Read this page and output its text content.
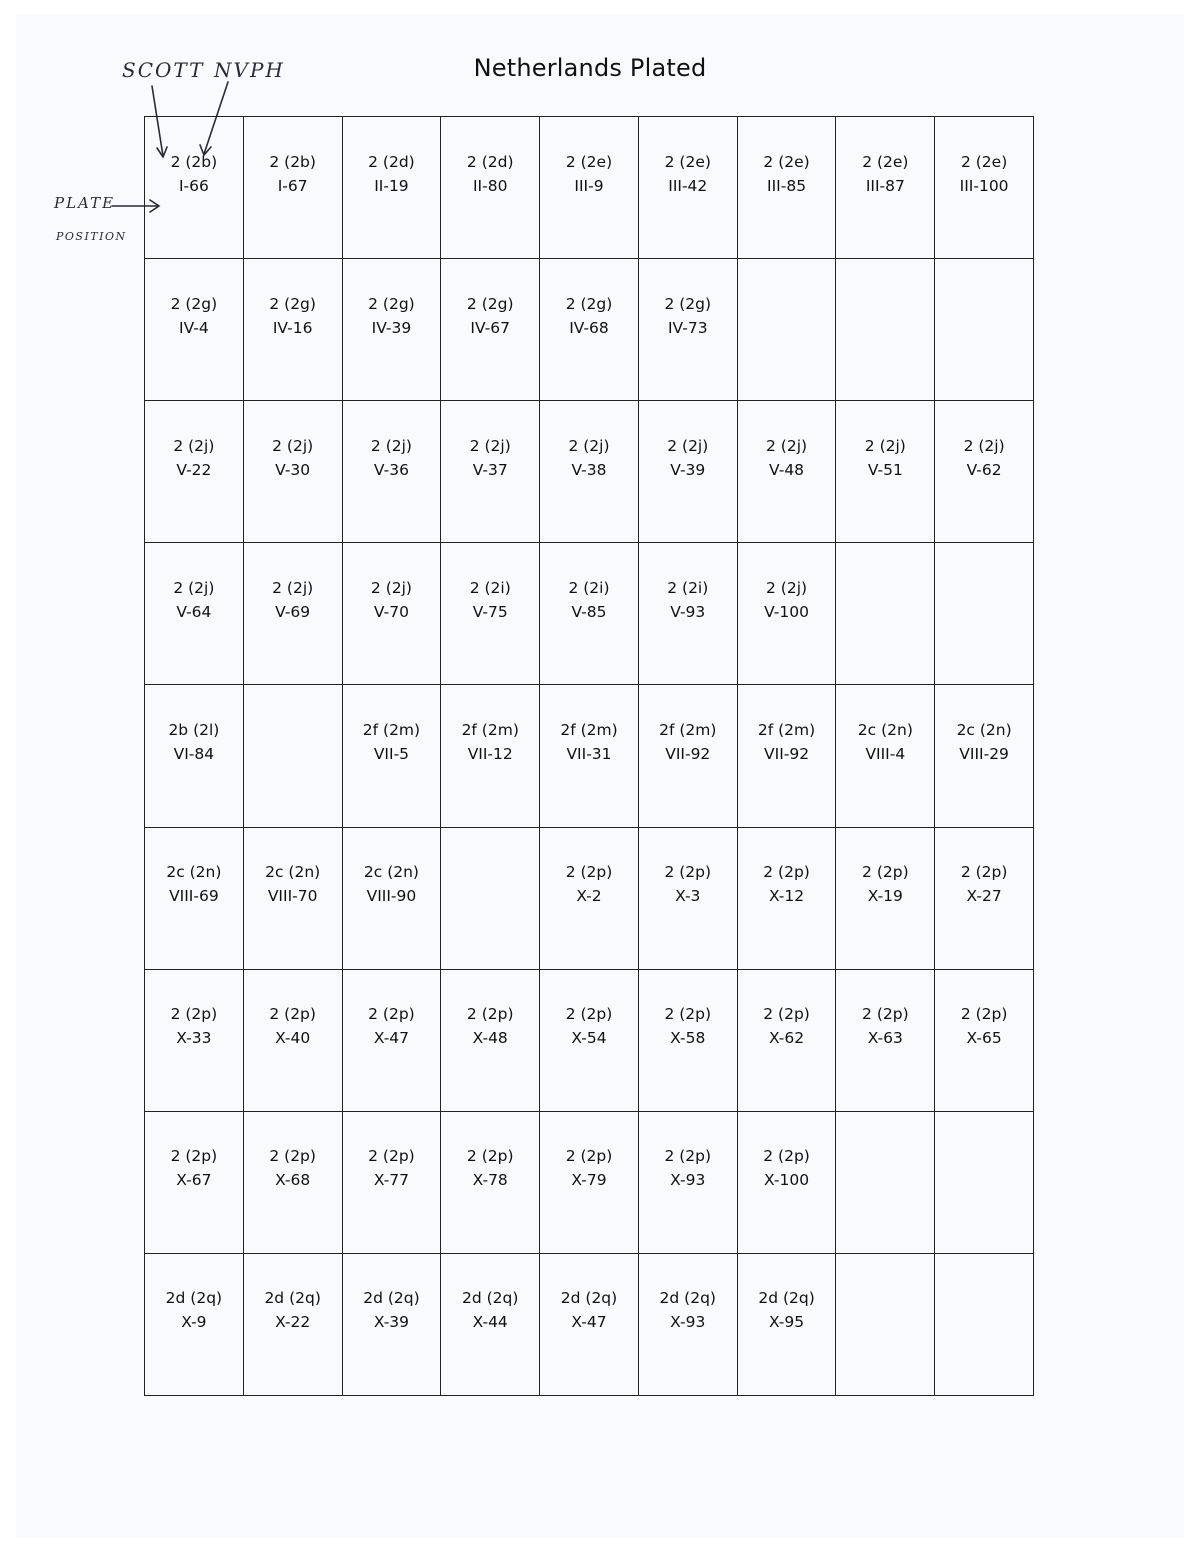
Netherlands Plated
SCOTT NVPH
PLATE
POSITION
2 (2b)
I-66
2 (2b)
I-67
2 (2d)
II-19
2 (2d)
II-80
2 (2e)
III-9
2 (2e)
III-42
2 (2e)
III-85
2 (2e)
III-87
2 (2e)
III-100
2 (2g)
IV-4
2 (2g)
IV-16
2 (2g)
IV-39
2 (2g)
IV-67
2 (2g)
IV-68
2 (2g)
IV-73
2 (2j)
V-22
2 (2j)
V-30
2 (2j)
V-36
2 (2j)
V-37
2 (2j)
V-38
2 (2j)
V-39
2 (2j)
V-48
2 (2j)
V-51
2 (2j)
V-62
2 (2j)
V-64
2 (2j)
V-69
2 (2j)
V-70
2 (2i)
V-75
2 (2i)
V-85
2 (2i)
V-93
2 (2j)
V-100
2b (2l)
VI-84
2f (2m)
VII-5
2f (2m)
VII-12
2f (2m)
VII-31
2f (2m)
VII-92
2f (2m)
VII-92
2c (2n)
VIII-4
2c (2n)
VIII-29
2c (2n)
VIII-69
2c (2n)
VIII-70
2c (2n)
VIII-90
2 (2p)
X-2
2 (2p)
X-3
2 (2p)
X-12
2 (2p)
X-19
2 (2p)
X-27
2 (2p)
X-33
2 (2p)
X-40
2 (2p)
X-47
2 (2p)
X-48
2 (2p)
X-54
2 (2p)
X-58
2 (2p)
X-62
2 (2p)
X-63
2 (2p)
X-65
2 (2p)
X-67
2 (2p)
X-68
2 (2p)
X-77
2 (2p)
X-78
2 (2p)
X-79
2 (2p)
X-93
2 (2p)
X-100
2d (2q)
X-9
2d (2q)
X-22
2d (2q)
X-39
2d (2q)
X-44
2d (2q)
X-47
2d (2q)
X-93
2d (2q)
X-95
